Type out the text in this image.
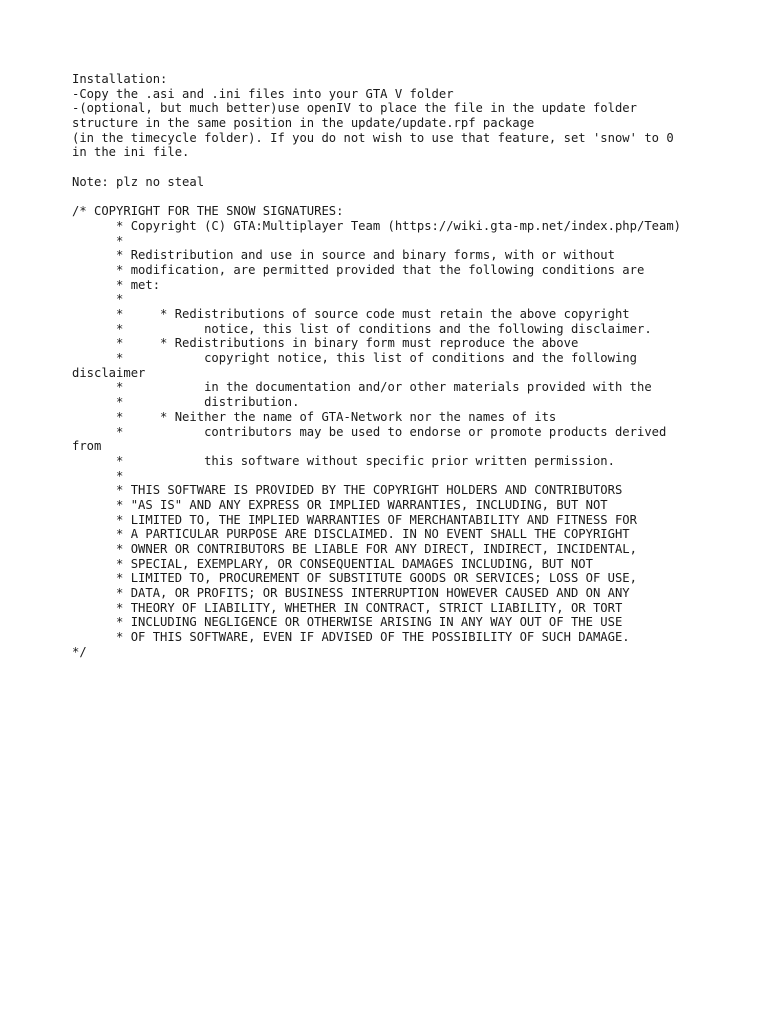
Installation:
-Copy the .asi and .ini files into your GTA V folder
-(optional, but much better)use openIV to place the file in the update folder
structure in the same position in the update/update.rpf package
(in the timecycle folder). If you do not wish to use that feature, set 'snow' to 0
in the ini file.
Note: plz no steal
/* COPYRIGHT FOR THE SNOW SIGNATURES:
* Copyright (C) GTA:Multiplayer Team (https://wiki.gta-mp.net/index.php/Team)
*
* Redistribution and use in source and binary forms, with or without
* modification, are permitted provided that the following conditions are
* met:
*
*     * Redistributions of source code must retain the above copyright
*           notice, this list of conditions and the following disclaimer.
*     * Redistributions in binary form must reproduce the above
*           copyright notice, this list of conditions and the following
disclaimer
*           in the documentation and/or other materials provided with the
*           distribution.
*     * Neither the name of GTA-Network nor the names of its
*           contributors may be used to endorse or promote products derived
from
*           this software without specific prior written permission.
*
* THIS SOFTWARE IS PROVIDED BY THE COPYRIGHT HOLDERS AND CONTRIBUTORS
* "AS IS" AND ANY EXPRESS OR IMPLIED WARRANTIES, INCLUDING, BUT NOT
* LIMITED TO, THE IMPLIED WARRANTIES OF MERCHANTABILITY AND FITNESS FOR
* A PARTICULAR PURPOSE ARE DISCLAIMED. IN NO EVENT SHALL THE COPYRIGHT
* OWNER OR CONTRIBUTORS BE LIABLE FOR ANY DIRECT, INDIRECT, INCIDENTAL,
* SPECIAL, EXEMPLARY, OR CONSEQUENTIAL DAMAGES INCLUDING, BUT NOT
* LIMITED TO, PROCUREMENT OF SUBSTITUTE GOODS OR SERVICES; LOSS OF USE,
* DATA, OR PROFITS; OR BUSINESS INTERRUPTION HOWEVER CAUSED AND ON ANY
* THEORY OF LIABILITY, WHETHER IN CONTRACT, STRICT LIABILITY, OR TORT
* INCLUDING NEGLIGENCE OR OTHERWISE ARISING IN ANY WAY OUT OF THE USE
* OF THIS SOFTWARE, EVEN IF ADVISED OF THE POSSIBILITY OF SUCH DAMAGE.
*/
